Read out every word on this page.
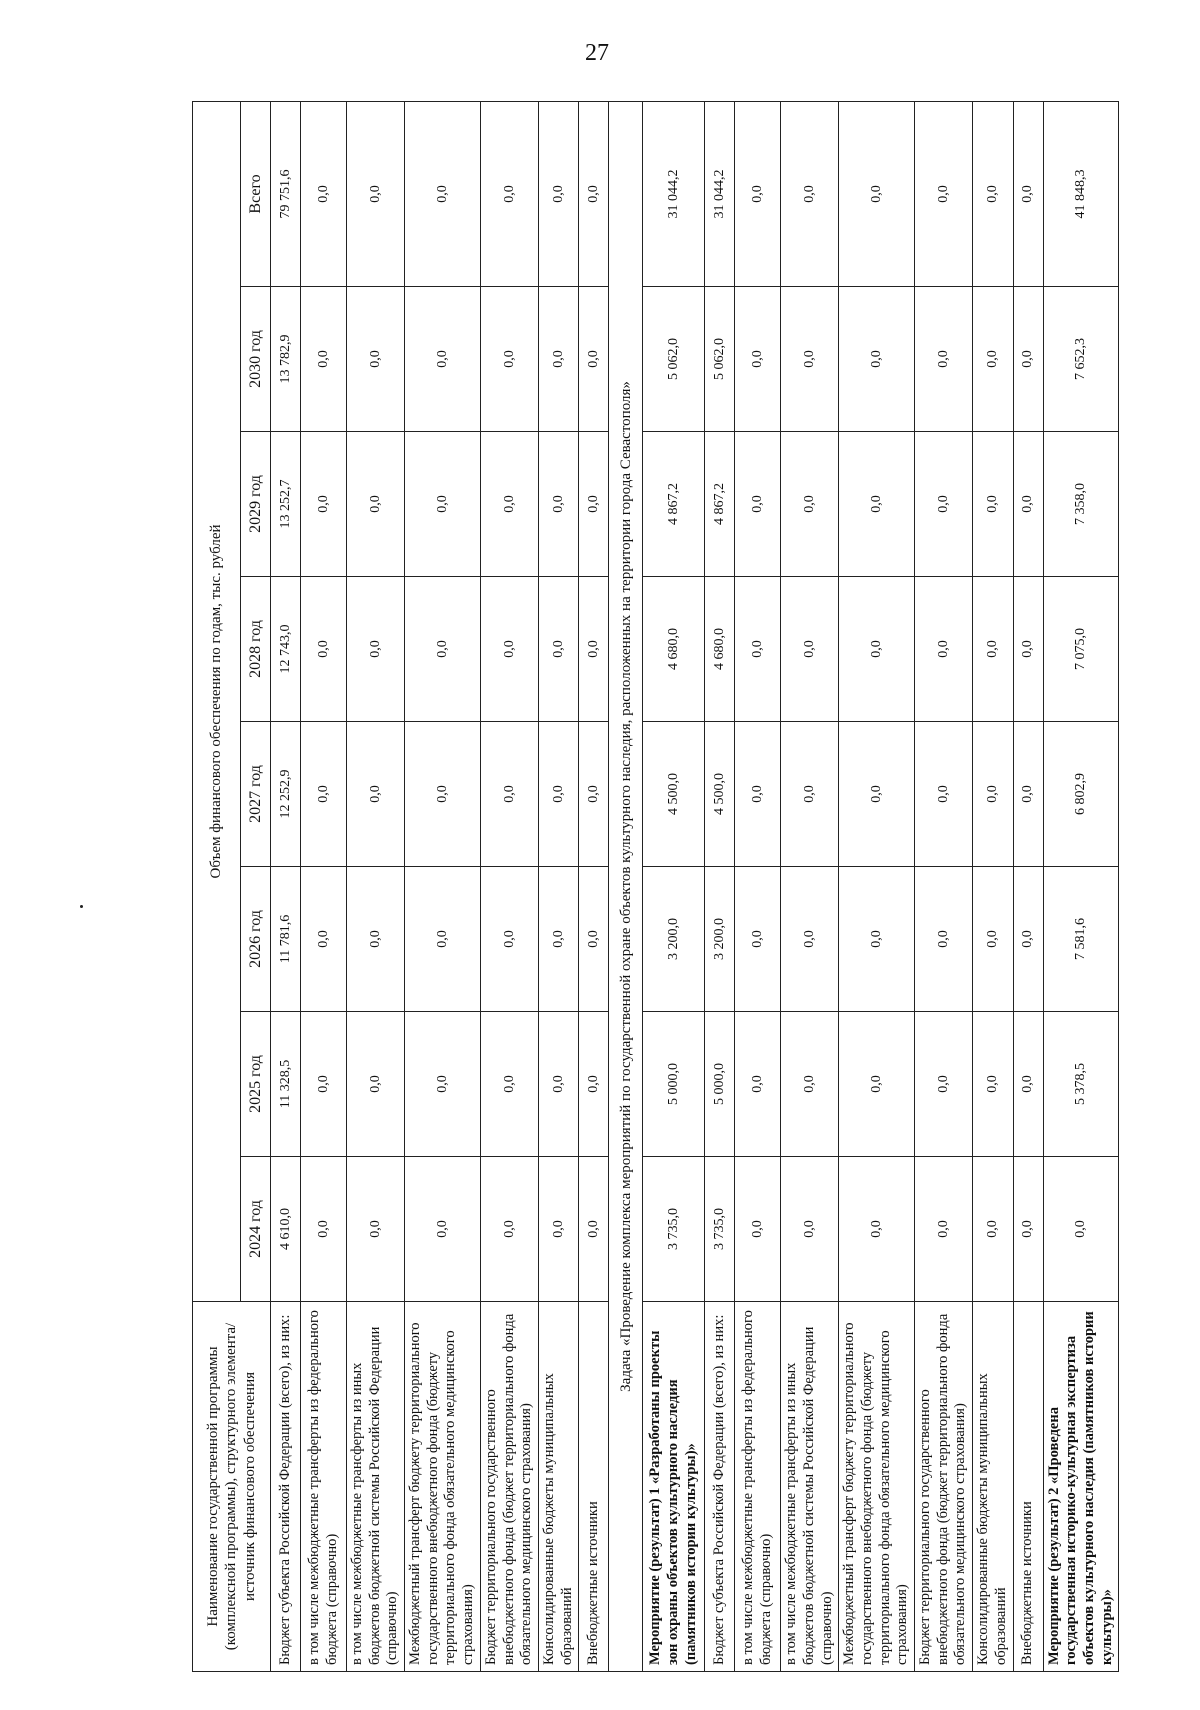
27
Наименование государственной программы (комплексной программы), структурного элемента/источник финансового обеспечения	Объем финансового обеспечения по годам, тыс. рублей							
	2024 год	2025 год	2026 год	2027 год	2028 год	2029 год	2030 год	Всего
Бюджет субъекта Российской Федерации (всего), из них:	4 610,0	11 328,5	11 781,6	12 252,9	12 743,0	13 252,7	13 782,9	79 751,6
в том числе межбюджетные трансферты из федерального бюджета (справочно)	0,0	0,0	0,0	0,0	0,0	0,0	0,0	0,0
в том числе межбюджетные трансферты из иных бюджетов бюджетной системы Российской Федерации (справочно)	0,0	0,0	0,0	0,0	0,0	0,0	0,0	0,0
Межбюджетный трансферт бюджету территориального государственного внебюджетного фонда (бюджету территориального фонда обязательного медицинского страхования)	0,0	0,0	0,0	0,0	0,0	0,0	0,0	0,0
Бюджет территориального государственного внебюджетного фонда (бюджет территориального фонда обязательного медицинского страхования)	0,0	0,0	0,0	0,0	0,0	0,0	0,0	0,0
Консолидированные бюджеты муниципальных образований	0,0	0,0	0,0	0,0	0,0	0,0	0,0	0,0
Внебюджетные источники	0,0	0,0	0,0	0,0	0,0	0,0	0,0	0,0
Задача «Проведение комплекса мероприятий по государственной охране объектов культурного наследия, расположенных на территории города Севастополя»								
Мероприятие (результат) 1 «Разработаны проекты зон охраны объектов культурного наследия (памятников истории культуры)»	3 735,0	5 000,0	3 200,0	4 500,0	4 680,0	4 867,2	5 062,0	31 044,2
Бюджет субъекта Российской Федерации (всего), из них:	3 735,0	5 000,0	3 200,0	4 500,0	4 680,0	4 867,2	5 062,0	31 044,2
в том числе межбюджетные трансферты из федерального бюджета (справочно)	0,0	0,0	0,0	0,0	0,0	0,0	0,0	0,0
в том числе межбюджетные трансферты из иных бюджетов бюджетной системы Российской Федерации (справочно)	0,0	0,0	0,0	0,0	0,0	0,0	0,0	0,0
Межбюджетный трансферт бюджету территориального государственного внебюджетного фонда (бюджету территориального фонда обязательного медицинского страхования)	0,0	0,0	0,0	0,0	0,0	0,0	0,0	0,0
Бюджет территориального государственного внебюджетного фонда (бюджет территориального фонда обязательного медицинского страхования)	0,0	0,0	0,0	0,0	0,0	0,0	0,0	0,0
Консолидированные бюджеты муниципальных образований	0,0	0,0	0,0	0,0	0,0	0,0	0,0	0,0
Внебюджетные источники	0,0	0,0	0,0	0,0	0,0	0,0	0,0	0,0
Мероприятие (результат) 2 «Проведена государственная историко-культурная экспертиза объектов культурного наследия (памятников истории культуры)»	0,0	5 378,5	7 581,6	6 802,9	7 075,0	7 358,0	7 652,3	41 848,3
